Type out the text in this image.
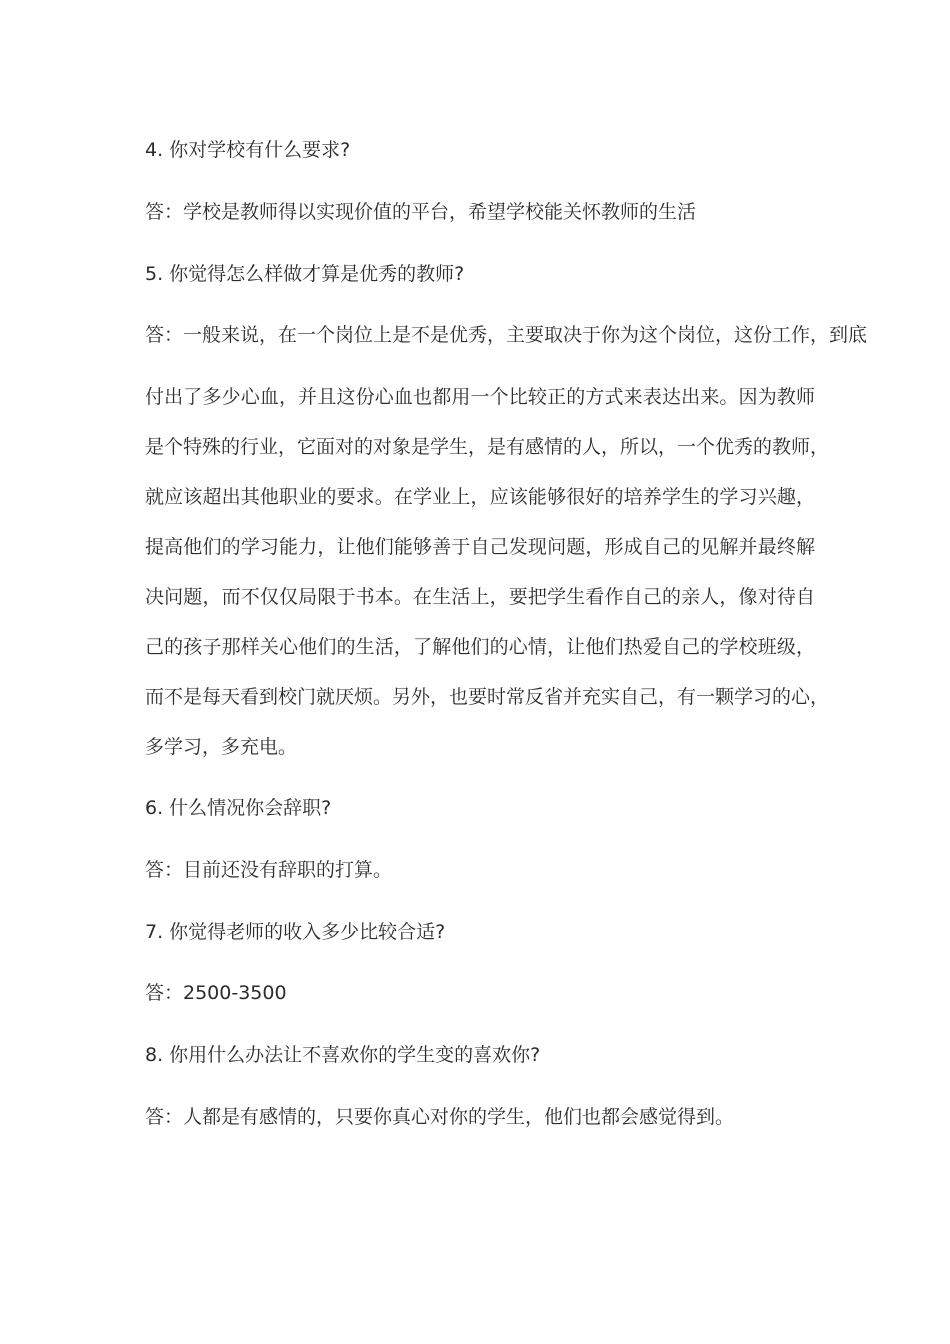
4. 你对学校有什么要求?
答：学校是教师得以实现价值的平台，希望学校能关怀教师的生活
5. 你觉得怎么样做才算是优秀的教师?
答：一般来说，在一个岗位上是不是优秀，主要取决于你为这个岗位，这份工作，到底
付出了多少心血，并且这份心血也都用一个比较正的方式来表达出来。因为教师
是个特殊的行业，它面对的对象是学生，是有感情的人，所以，一个优秀的教师，
就应该超出其他职业的要求。在学业上，应该能够很好的培养学生的学习兴趣，
提高他们的学习能力，让他们能够善于自己发现问题，形成自己的见解并最终解
决问题，而不仅仅局限于书本。在生活上，要把学生看作自己的亲人，像对待自
己的孩子那样关心他们的生活，了解他们的心情，让他们热爱自己的学校班级，
而不是每天看到校门就厌烦。另外，也要时常反省并充实自己，有一颗学习的心，
多学习，多充电。
6. 什么情况你会辞职?
答：目前还没有辞职的打算。
7. 你觉得老师的收入多少比较合适?
答：2500-3500
8. 你用什么办法让不喜欢你的学生变的喜欢你?
答：人都是有感情的，只要你真心对你的学生，他们也都会感觉得到。
